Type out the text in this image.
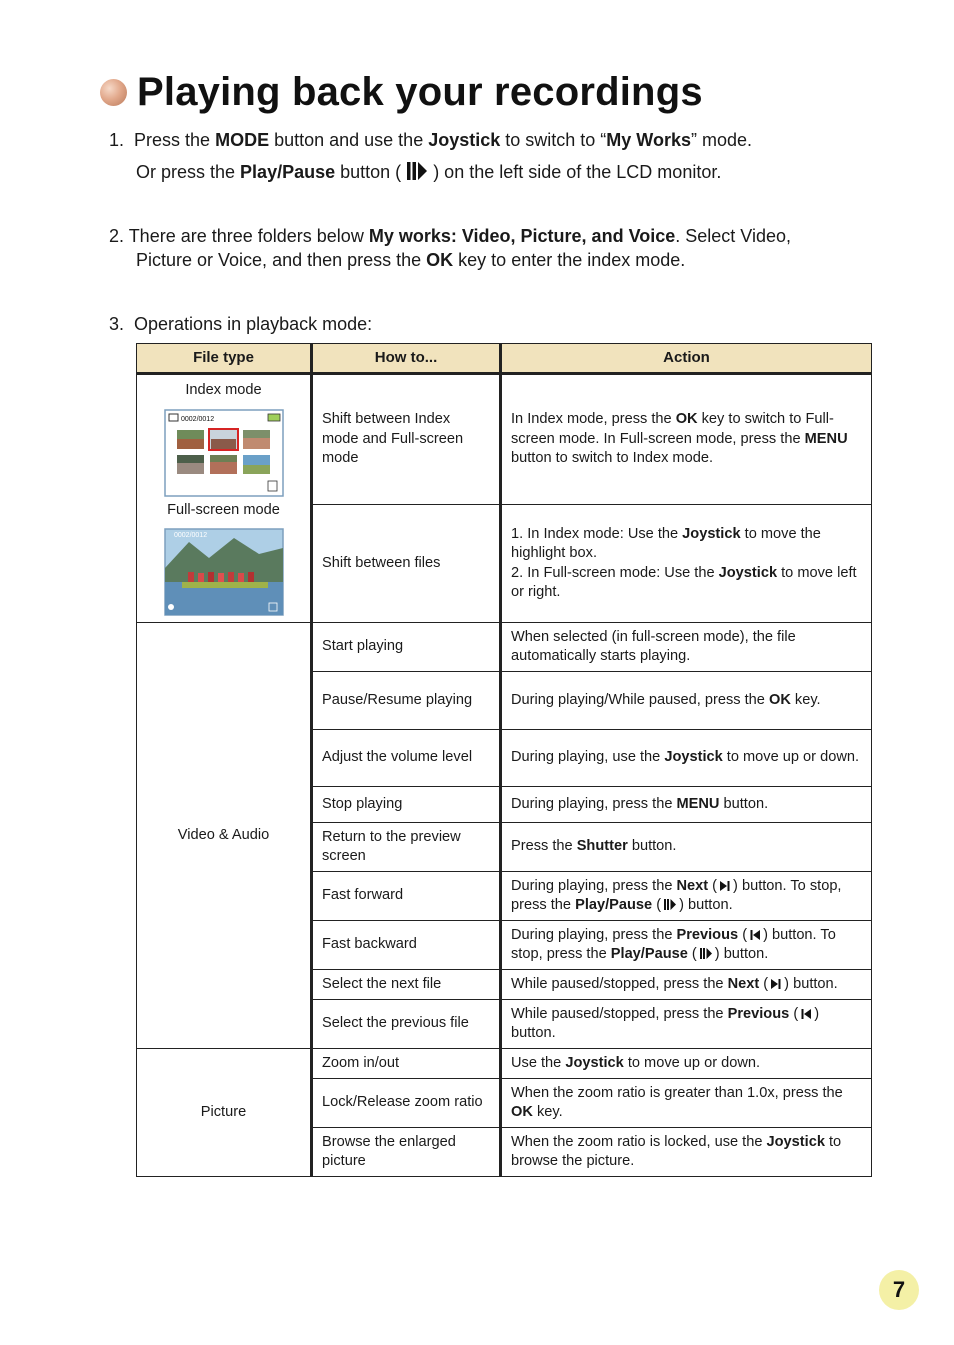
Playing back your recordings
1. Press the MODE button and use the Joystick to switch to “My Works” mode.
Or press the Play/Pause button ( ) on the left side of the LCD monitor.
2. There are three folders below My works: Video, Picture, and Voice. Select Video,
Picture or Voice, and then press the OK key to enter the index mode.
3. Operations in playback mode:
File type	How to...	Action

Index mode
0002/0012
Full-screen mode
0002/0012	Shift between Index mode and Full-screen mode	In Index mode, press the OK key to switch to Full-screen mode. In Full-screen mode, press the MENU button to switch to Index mode.
	Shift between files	1. In Index mode: Use the Joystick to move the highlight box.
2. In Full-screen mode: Use the Joystick to move left or right.
Video & Audio	Start playing	When selected (in full-screen mode), the file automatically starts playing.
	Pause/Resume playing	During playing/While paused, press the OK key.
	Adjust the volume level	During playing, use the Joystick to move up or down.
	Stop playing	During playing, press the MENU button.
	Return to the preview screen	Press the Shutter button.
	Fast forward	During playing, press the Next ( ) button. To stop, press the Play/Pause ( ) button.
	Fast backward	During playing, press the Previous ( ) button. To stop, press the Play/Pause ( ) button.
	Select the next file	While paused/stopped, press the Next ( ) button.
	Select the previous file	While paused/stopped, press the Previous ( ) button.
Picture	Zoom in/out	Use the Joystick to move up or down.
	Lock/Release zoom ratio	When the zoom ratio is greater than 1.0x, press the OK key.
	Browse the enlarged picture	When the zoom ratio is locked, use the Joystick to browse the picture.
7
